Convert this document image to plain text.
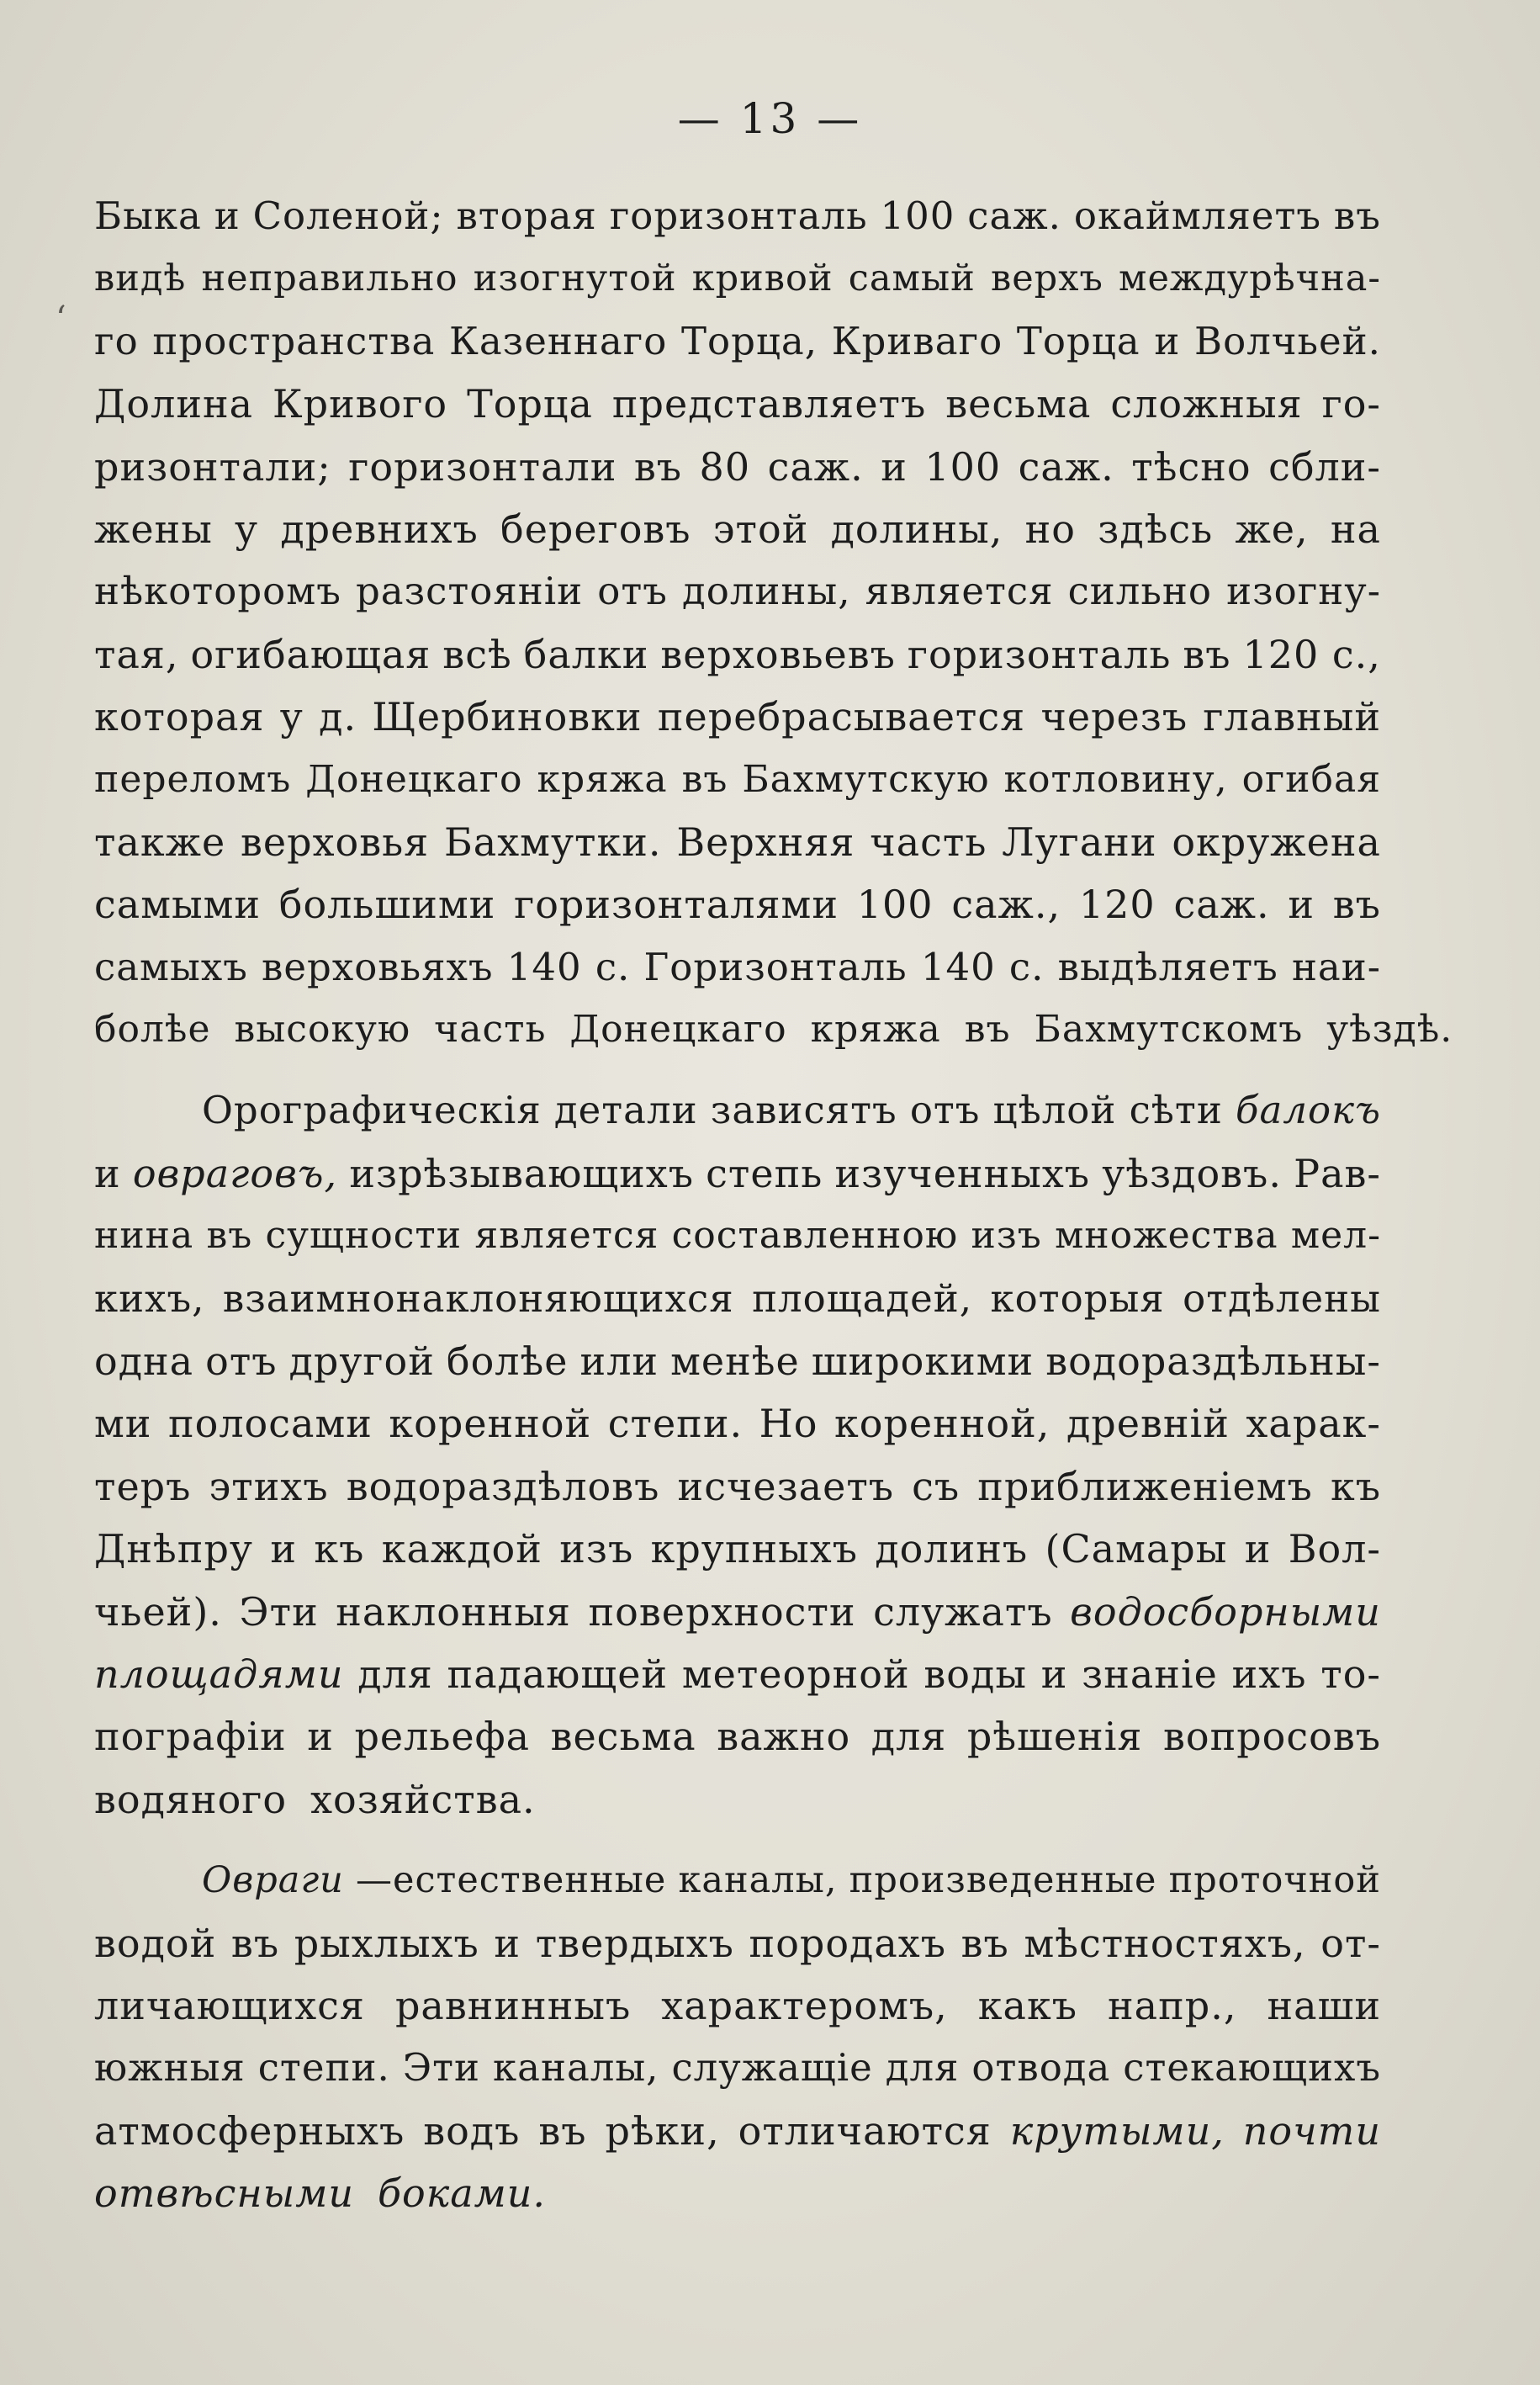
— 13 —
Быка и Соленой; вторая горизонталь 100 саж. окаймляетъ въ
видѣ неправильно изогнутой кривой самый верхъ междурѣчна-
го пространства Казеннаго Торца, Криваго Торца и Волчьей.
Долина Кривого Торца представляетъ весьма сложныя го-
ризонтали; горизонтали въ 80 саж. и 100 саж. тѣсно сбли-
жены у древнихъ береговъ этой долины, но здѣсь же, на
нѣкоторомъ разстояніи отъ долины, является сильно изогну-
тая, огибающая всѣ балки верховьевъ горизонталь въ 120 с.,
которая у д. Щербиновки перебрасывается черезъ главный
переломъ Донецкаго кряжа въ Бахмутскую котловину, огибая
также верховья Бахмутки. Верхняя часть Лугани окружена
самыми большими горизонталями 100 саж., 120 саж. и въ
самыхъ верховьяхъ 140 с. Горизонталь 140 с. выдѣляетъ наи-
болѣе высокую часть Донецкаго кряжа въ Бахмутскомъ уѣздѣ.
Орографическія детали зависятъ отъ цѣлой сѣти балокъ
и овраговъ, изрѣзывающихъ степь изученныхъ уѣздовъ. Рав-
нина въ сущности является составленною изъ множества мел-
кихъ, взаимнонаклоняющихся площадей, которыя отдѣлены
одна отъ другой болѣе или менѣе широкими водораздѣльны-
ми полосами коренной степи. Но коренной, древній харак-
теръ этихъ водораздѣловъ исчезаетъ съ приближеніемъ къ
Днѣпру и къ каждой изъ крупныхъ долинъ (Самары и Вол-
чьей). Эти наклонныя поверхности служатъ водосборными
площадями для падающей метеорной воды и знаніе ихъ то-
пографіи и рельефа весьма важно для рѣшенія вопросовъ
водяного хозяйства.
Овраги —естественные каналы, произведенные проточной
водой въ рыхлыхъ и твердыхъ породахъ въ мѣстностяхъ, от-
личающихся равнинныъ характеромъ, какъ напр., наши
южныя степи. Эти каналы, служащіе для отвода стекающихъ
атмосферныхъ водъ въ рѣки, отличаются крутыми, почти
отвѣсными боками.
‘
